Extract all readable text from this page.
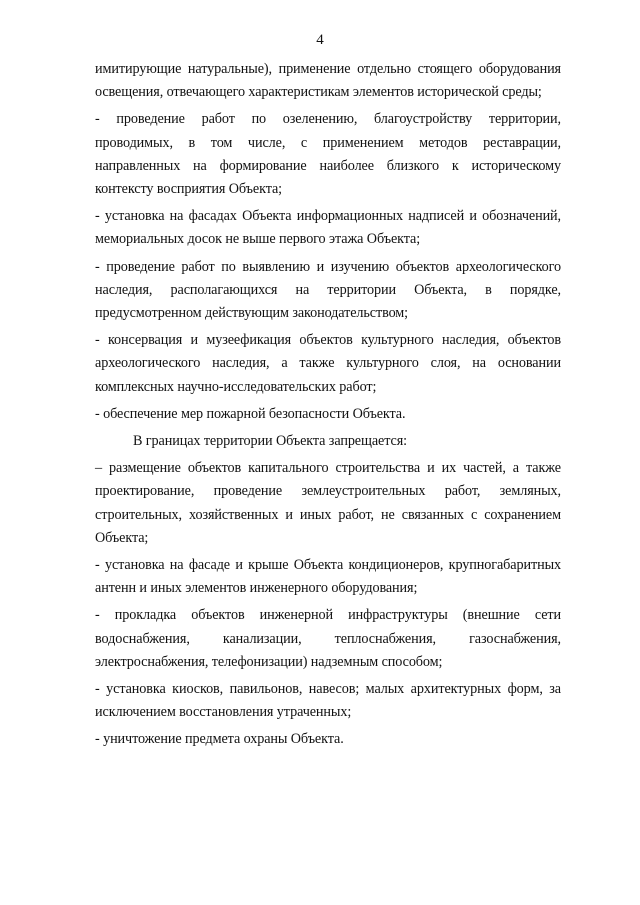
4

имитирующие натуральные), применение отдельно стоящего оборудования освещения, отвечающего характеристикам элементов исторической среды;

- проведение работ по озеленению, благоустройству территории, проводимых, в том числе, с применением методов реставрации, направленных на формирование наиболее близкого к историческому контексту восприятия Объекта;

- установка на фасадах Объекта информационных надписей и обозначений, мемориальных досок не выше первого этажа Объекта;

- проведение работ по выявлению и изучению объектов археологического наследия, располагающихся на территории Объекта, в порядке, предусмотренном действующим законодательством;

- консервация и музеефикация объектов культурного наследия, объектов археологического наследия, а также культурного слоя, на основании комплексных научно-исследовательских работ;

- обеспечение мер пожарной безопасности Объекта.

В границах территории Объекта запрещается:

– размещение объектов капитального строительства и их частей, а также проектирование, проведение землеустроительных работ, земляных, строительных, хозяйственных и иных работ, не связанных с сохранением Объекта;

- установка на фасаде и крыше Объекта кондиционеров, крупногабаритных антенн и иных элементов инженерного оборудования;

- прокладка объектов инженерной инфраструктуры (внешние сети водоснабжения, канализации, теплоснабжения, газоснабжения, электроснабжения, телефонизации) надземным способом;

- установка киосков, павильонов, навесов; малых архитектурных форм, за исключением восстановления утраченных;

- уничтожение предмета охраны Объекта.
